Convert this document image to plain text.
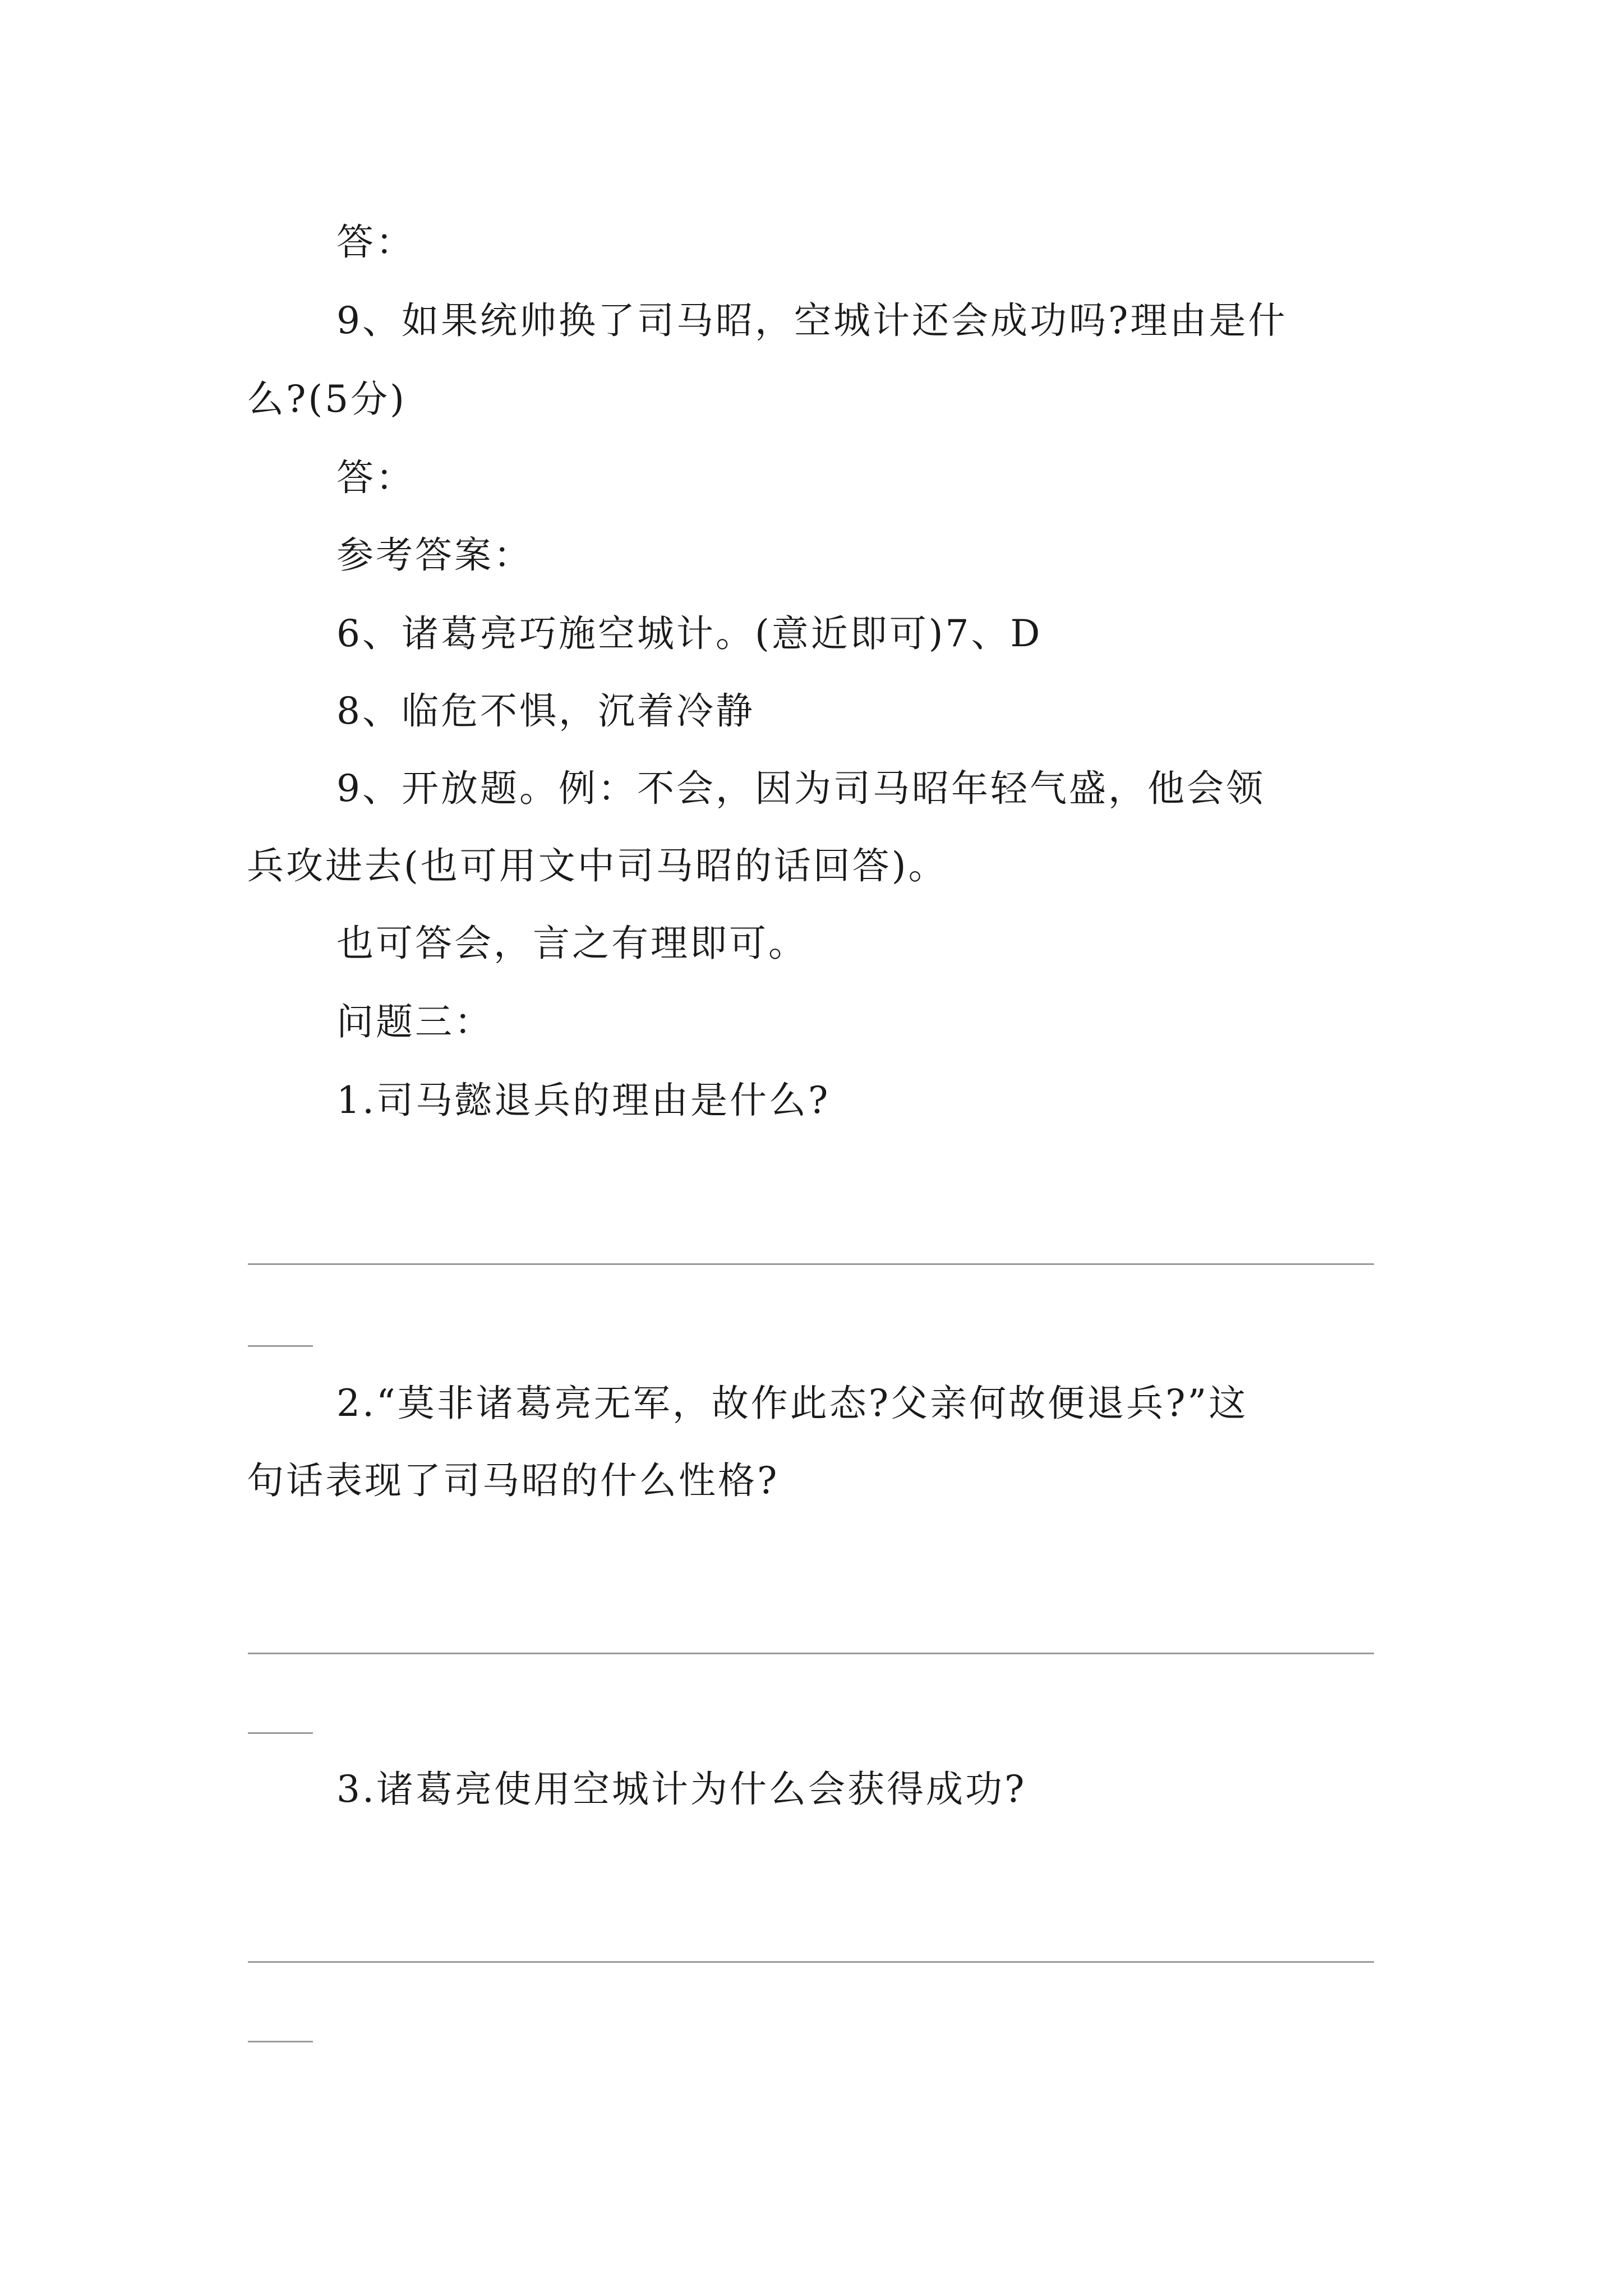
答：
9、如果统帅换了司马昭，空城计还会成功吗?理由是什
么?(5分)
答：
参考答案：
6、诸葛亮巧施空城计。(意近即可)7、D
8、临危不惧，沉着冷静
9、开放题。例：不会，因为司马昭年轻气盛，他会领
兵攻进去(也可用文中司马昭的话回答)。
也可答会，言之有理即可。
问题三：
1.司马懿退兵的理由是什么?
2.“莫非诸葛亮无军，故作此态?父亲何故便退兵?”这
句话表现了司马昭的什么性格?
3.诸葛亮使用空城计为什么会获得成功?
